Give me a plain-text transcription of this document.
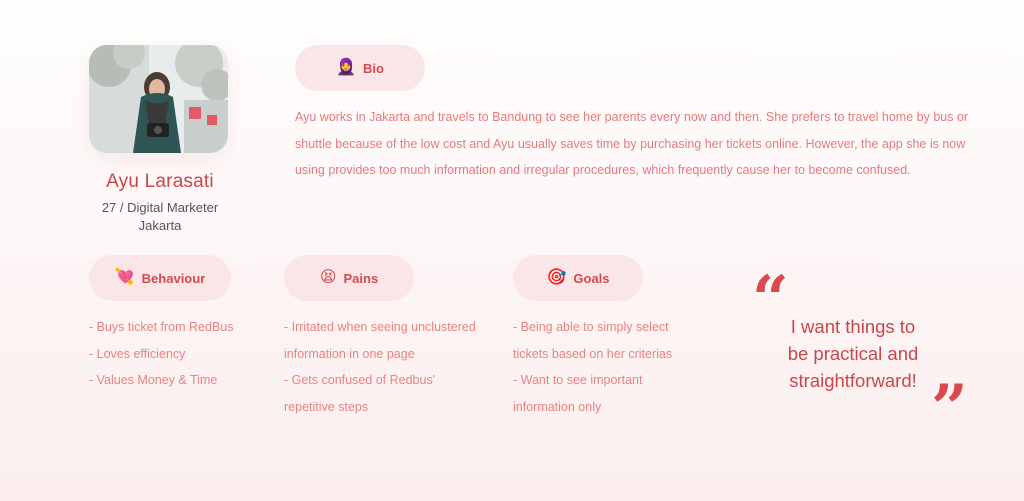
Ayu Larasati
27 / Digital Marketer
Jakarta
🧕 Bio
Ayu works in Jakarta and travels to Bandung to see her parents every now and then. She prefers to travel home by bus or shuttle because of the low cost and Ayu usually saves time by purchasing her tickets online. However, the app she is now using provides too much information and irregular procedures, which frequently cause her to become confused.
💘 Behaviour
- Buys ticket from RedBus
- Loves efficiency
- Values Money & Time
😫 Pains
- Irritated when seeing unclustered
information in one page
- Gets confused of Redbus'
repetitive steps
🎯 Goals
- Being able to simply select
tickets based on her criterias
- Want to see important
information only
“ I want things to
be practical and
straightforward! ”
